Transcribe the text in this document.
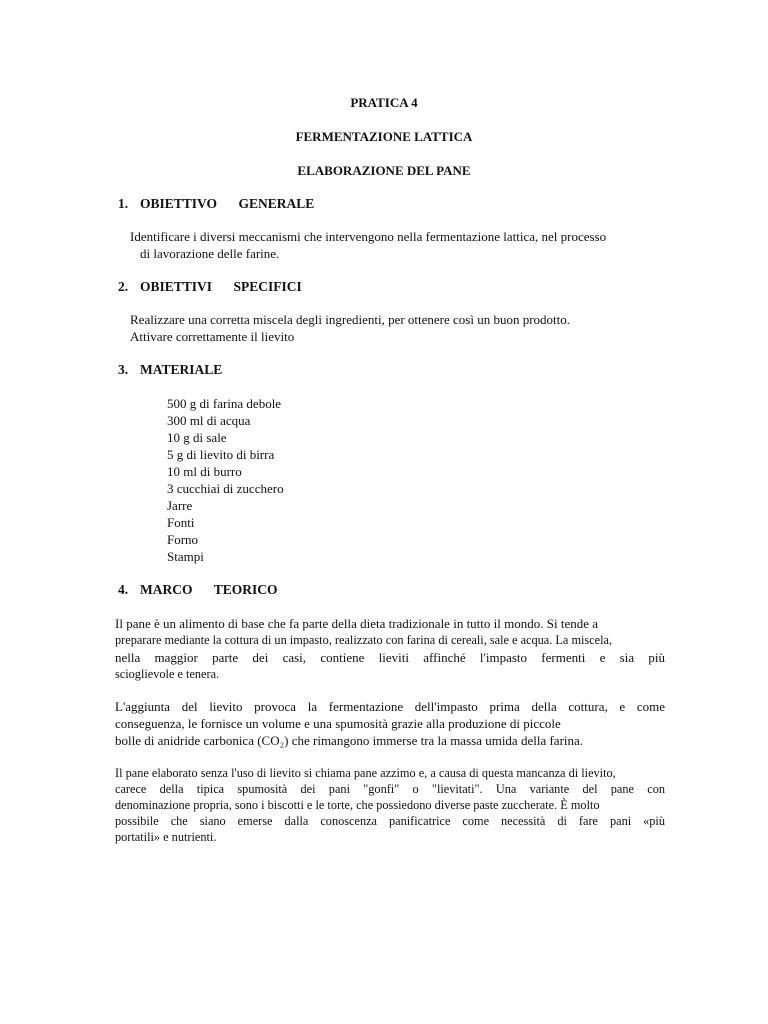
PRATICA 4
FERMENTAZIONE LATTICA
ELABORAZIONE DEL PANE
1. OBIETTIVO    GENERALE
Identificare i diversi meccanismi che intervengono nella fermentazione lattica, nel processo
di lavorazione delle farine.
2. OBIETTIVI    SPECIFICI
Realizzare una corretta miscela degli ingredienti, per ottenere così un buon prodotto.
Attivare correttamente il lievito
3. MATERIALE
500 g di farina debole
300 ml di acqua
10 g di sale
5 g di lievito di birra
10 ml di burro
3 cucchiai di zucchero
Jarre
Fonti
Forno
Stampi
4. MARCO    TEORICO
Il pane è un alimento di base che fa parte della dieta tradizionale in tutto il mondo. Si tende a
preparare mediante la cottura di un impasto, realizzato con farina di cereali, sale e acqua. La miscela,
nella maggior parte dei casi, contiene lieviti affinché l'impasto fermenti e sia più
scioglievole e tenera.
L'aggiunta del lievito provoca la fermentazione dell'impasto prima della cottura, e come
conseguenza, le fornisce un volume e una spumosità grazie alla produzione di piccole
bolle di anidride carbonica (CO₂) che rimangono immerse tra la massa umida della farina.
Il pane elaborato senza l'uso di lievito si chiama pane azzimo e, a causa di questa mancanza di lievito,
carece della tipica spumosità dei pani "gonfi" o "lievitati". Una variante del pane con
denominazione propria, sono i biscotti e le torte, che possiedono diverse paste zuccherate. È molto
possibile che siano emerse dalla conoscenza panificatrice come necessità di fare pani «più
portatili» e nutrienti.
